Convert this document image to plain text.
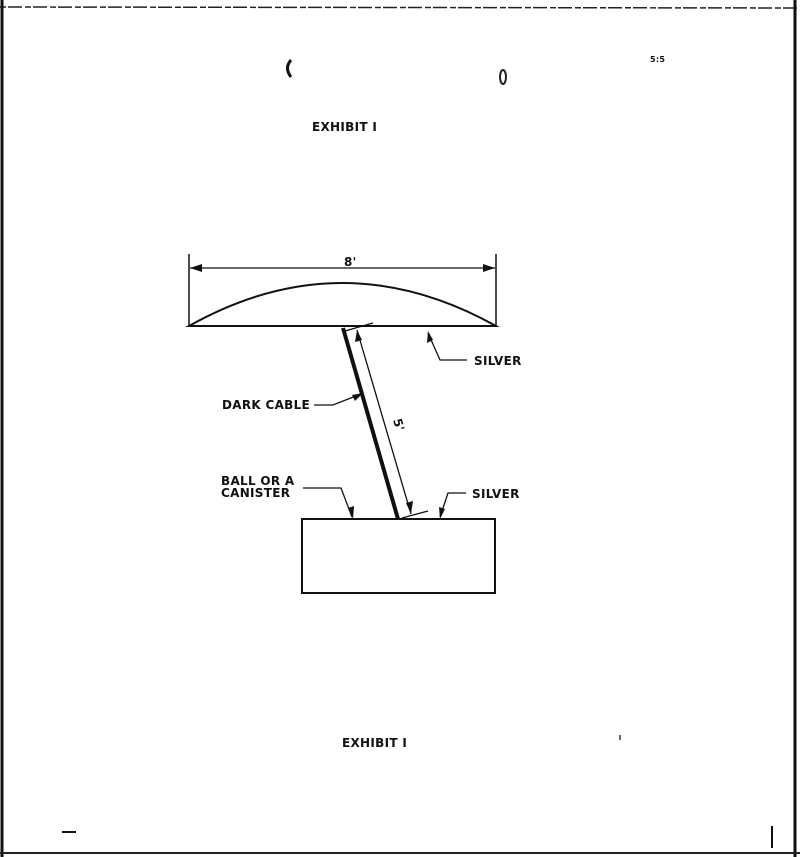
5:5
EXHIBIT I
8'
5'
SILVER
DARK CABLE
BALL OR A
CANISTER	SILVER
EXHIBIT I
